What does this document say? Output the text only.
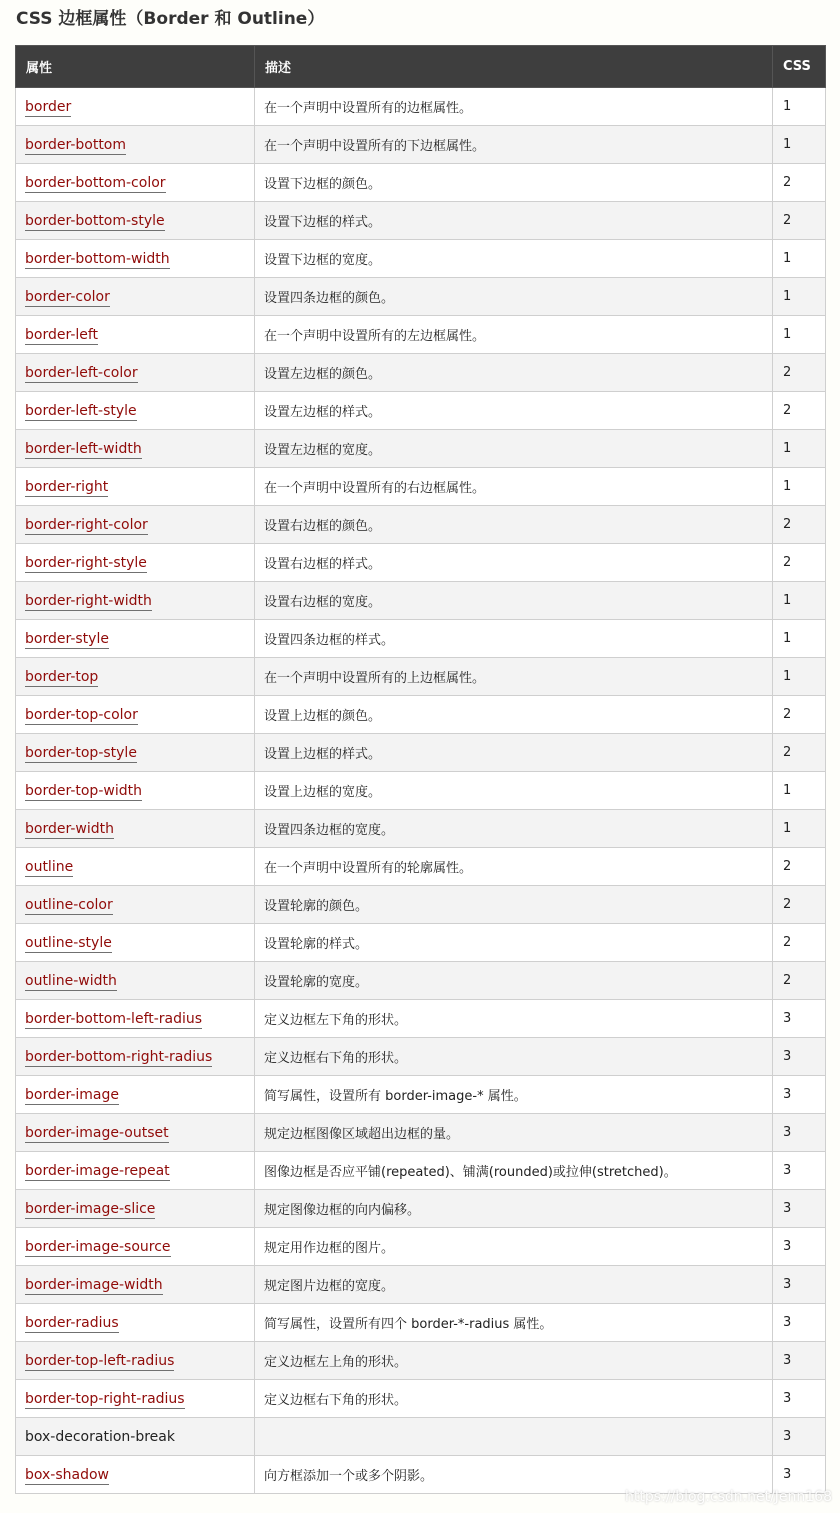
CSS 边框属性（Border 和 Outline）
属性	描述	CSS
border	在一个声明中设置所有的边框属性。	1
border-bottom	在一个声明中设置所有的下边框属性。	1
border-bottom-color	设置下边框的颜色。	2
border-bottom-style	设置下边框的样式。	2
border-bottom-width	设置下边框的宽度。	1
border-color	设置四条边框的颜色。	1
border-left	在一个声明中设置所有的左边框属性。	1
border-left-color	设置左边框的颜色。	2
border-left-style	设置左边框的样式。	2
border-left-width	设置左边框的宽度。	1
border-right	在一个声明中设置所有的右边框属性。	1
border-right-color	设置右边框的颜色。	2
border-right-style	设置右边框的样式。	2
border-right-width	设置右边框的宽度。	1
border-style	设置四条边框的样式。	1
border-top	在一个声明中设置所有的上边框属性。	1
border-top-color	设置上边框的颜色。	2
border-top-style	设置上边框的样式。	2
border-top-width	设置上边框的宽度。	1
border-width	设置四条边框的宽度。	1
outline	在一个声明中设置所有的轮廓属性。	2
outline-color	设置轮廓的颜色。	2
outline-style	设置轮廓的样式。	2
outline-width	设置轮廓的宽度。	2
border-bottom-left-radius	定义边框左下角的形状。	3
border-bottom-right-radius	定义边框右下角的形状。	3
border-image	简写属性，设置所有 border-image-* 属性。	3
border-image-outset	规定边框图像区域超出边框的量。	3
border-image-repeat	图像边框是否应平铺(repeated)、铺满(rounded)或拉伸(stretched)。	3
border-image-slice	规定图像边框的向内偏移。	3
border-image-source	规定用作边框的图片。	3
border-image-width	规定图片边框的宽度。	3
border-radius	简写属性，设置所有四个 border-*-radius 属性。	3
border-top-left-radius	定义边框左上角的形状。	3
border-top-right-radius	定义边框右下角的形状。	3
box-decoration-break		3
box-shadow	向方框添加一个或多个阴影。	3
https://blog.csdn.net/Jenn168
